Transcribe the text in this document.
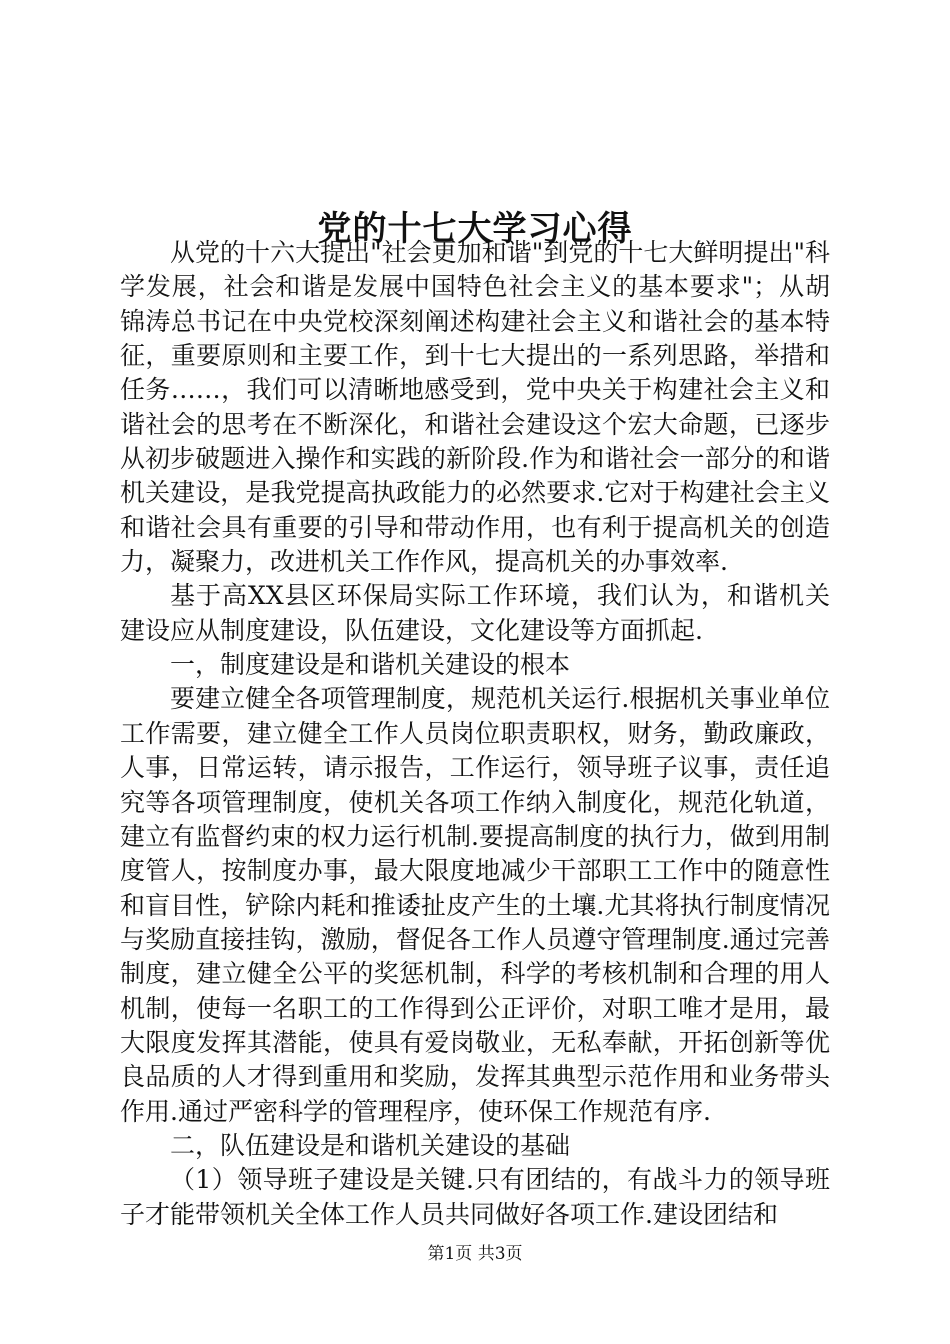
党的十七大学习心得

从党的十六大提出"社会更加和谐"到党的十七大鲜明提出"科学发展，社会和谐是发展中国特色社会主义的基本要求"；从胡锦涛总书记在中央党校深刻阐述构建社会主义和谐社会的基本特征，重要原则和主要工作，到十七大提出的一系列思路，举措和任务……，我们可以清晰地感受到，党中央关于构建社会主义和谐社会的思考在不断深化，和谐社会建设这个宏大命题，已逐步从初步破题进入操作和实践的新阶段.作为和谐社会一部分的和谐机关建设，是我党提高执政能力的必然要求.它对于构建社会主义和谐社会具有重要的引导和带动作用，也有利于提高机关的创造力，凝聚力，改进机关工作作风，提高机关的办事效率.

基于高XX县区环保局实际工作环境，我们认为，和谐机关建设应从制度建设，队伍建设，文化建设等方面抓起.

一，制度建设是和谐机关建设的根本

要建立健全各项管理制度，规范机关运行.根据机关事业单位工作需要，建立健全工作人员岗位职责职权，财务，勤政廉政，人事，日常运转，请示报告，工作运行，领导班子议事，责任追究等各项管理制度，使机关各项工作纳入制度化，规范化轨道，建立有监督约束的权力运行机制.要提高制度的执行力，做到用制度管人，按制度办事，最大限度地减少干部职工工作中的随意性和盲目性，铲除内耗和推诿扯皮产生的土壤.尤其将执行制度情况与奖励直接挂钩，激励，督促各工作人员遵守管理制度.通过完善制度，建立健全公平的奖惩机制，科学的考核机制和合理的用人机制，使每一名职工的工作得到公正评价，对职工唯才是用，最大限度发挥其潜能，使具有爱岗敬业，无私奉献，开拓创新等优良品质的人才得到重用和奖励，发挥其典型示范作用和业务带头作用.通过严密科学的管理程序，使环保工作规范有序.

二，队伍建设是和谐机关建设的基础

（1）领导班子建设是关键.只有团结的，有战斗力的领导班子才能带领机关全体工作人员共同做好各项工作.建设团结和

第1页 共3页
